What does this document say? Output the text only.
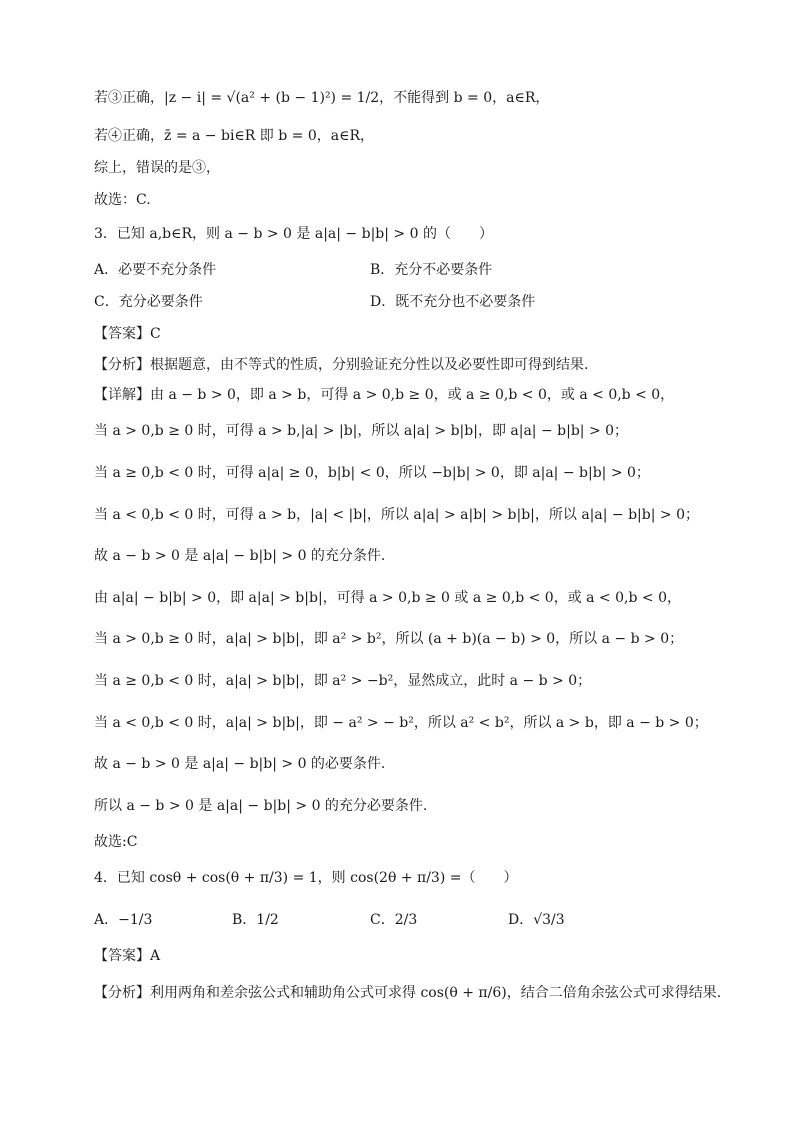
若③正确，|z − i| = √(a² + (b − 1)²) = 1/2，不能得到 b = 0，a∈R，
若④正确，z̄ = a − bi∈R 即 b = 0，a∈R，
综上，错误的是③，
故选：C.
3．已知 a,b∈R，则 a − b > 0 是 a|a| − b|b| > 0 的（　　）
A．必要不充分条件	B．充分不必要条件
C．充分必要条件	D．既不充分也不必要条件
【答案】C
【分析】根据题意，由不等式的性质，分别验证充分性以及必要性即可得到结果.
【详解】由 a − b > 0，即 a > b，可得 a > 0,b ≥ 0，或 a ≥ 0,b < 0，或 a < 0,b < 0，
当 a > 0,b ≥ 0 时，可得 a > b,|a| > |b|，所以 a|a| > b|b|，即 a|a| − b|b| > 0；
当 a ≥ 0,b < 0 时，可得 a|a| ≥ 0，b|b| < 0，所以 −b|b| > 0，即 a|a| − b|b| > 0；
当 a < 0,b < 0 时，可得 a > b，|a| < |b|，所以 a|a| > a|b| > b|b|，所以 a|a| − b|b| > 0；
故 a − b > 0 是 a|a| − b|b| > 0 的充分条件.
由 a|a| − b|b| > 0，即 a|a| > b|b|，可得 a > 0,b ≥ 0 或 a ≥ 0,b < 0，或 a < 0,b < 0，
当 a > 0,b ≥ 0 时，a|a| > b|b|，即 a² > b²，所以 (a + b)(a − b) > 0，所以 a − b > 0；
当 a ≥ 0,b < 0 时，a|a| > b|b|，即 a² > −b²，显然成立，此时 a − b > 0；
当 a < 0,b < 0 时，a|a| > b|b|，即 − a² > − b²，所以 a² < b²，所以 a > b，即 a − b > 0；
故 a − b > 0 是 a|a| − b|b| > 0 的必要条件.
所以 a − b > 0 是 a|a| − b|b| > 0 的充分必要条件.
故选:C
4．已知 cosθ + cos(θ + π/3) = 1，则 cos(2θ + π/3) =（　　）
A．−1/3	B．1/2	C．2/3	D．√3/3
【答案】A
【分析】利用两角和差余弦公式和辅助角公式可求得 cos(θ + π/6)，结合二倍角余弦公式可求得结果.
